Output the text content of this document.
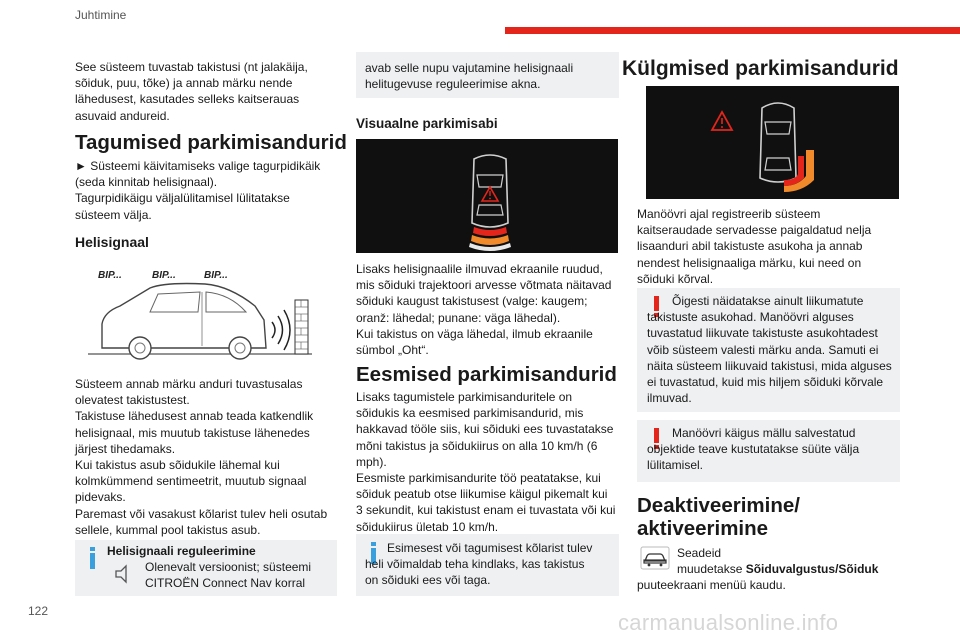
Juhtimine

See süsteem tuvastab takistusi (nt jalakäija,
sõiduk, puu, tõke) ja annab märku nende
lähedusest, kasutades selleks kaitserauas
asuvaid andureid.

Tagumised parkimisandurid

► Süsteemi käivitamiseks valige tagurpidikäik
(seda kinnitab helisignaal).
Tagurpidikäigu väljalülitamisel lülitatakse
süsteem välja.

Helisignaal
BIP...	BIP...	BIP...

Süsteem annab märku anduri tuvastusalas
olevatest takistustest.
Takistuse lähedusest annab teada katkendlik
helisignaal, mis muutub takistuse lähenedes
järjest tihedamaks.
Kui takistus asub sõidukile lähemal kui
kolmkümmend sentimeetrit, muutub signaal
pidevaks.
Paremast või vasakust kõlarist tulev heli osutab
sellele, kummal pool takistus asub.

Helisignaali reguleerimine
Olenevalt versioonist; süsteemi
CITROËN Connect Nav korral
avab selle nupu vajutamine helisignaali
helitugevuse reguleerimise akna.
Visuaalne parkimisabi

Lisaks helisignaalile ilmuvad ekraanile ruudud,
mis sõiduki trajektoori arvesse võtmata näitavad
sõiduki kaugust takistusest (valge: kaugem;
oranž: lähedal; punane: väga lähedal).
Kui takistus on väga lähedal, ilmub ekraanile
sümbol „Oht“.

Eesmised parkimisandurid

Lisaks tagumistele parkimisanduritele on
sõidukis ka eesmised parkimisandurid, mis
hakkavad tööle siis, kui sõiduki ees tuvastatakse
mõni takistus ja sõidukiirus on alla 10 km/h (6
mph).
Eesmiste parkimisandurite töö peatatakse, kui
sõiduk peatub otse liikumise käigul pikemalt kui
3 sekundit, kui takistust enam ei tuvastata või kui
sõidukiirus ületab 10 km/h.

Esimesest või tagumisest kõlarist tulev
heli võimaldab teha kindlaks, kas takistus
on sõiduki ees või taga.
Külgmised parkimisandurid

Manöövri ajal registreerib süsteem
kaitseraudade servadesse paigaldatud nelja
lisaanduri abil takistuste asukoha ja annab
nendest helisignaaliga märku, kui need on
sõiduki kõrval.

Õigesti näidatakse ainult liikumatute
takistuste asukohad. Manöövri alguses
tuvastatud liikuvate takistuste asukohtadest
võib süsteem valesti märku anda. Samuti ei
näita süsteem liikuvaid takistusi, mida alguses
ei tuvastatud, kuid mis hiljem sõiduki kõrvale
ilmuvad.
Manöövri käigus mällu salvestatud
objektide teave kustutatakse süüte välja
lülitamisel.
Deaktiveerimine/
aktiveerimine
Seadeid
muudetakse Sõiduvalgustus/Sõiduk
puuteekraani menüü kaudu.
122	carmanualsonline.info
